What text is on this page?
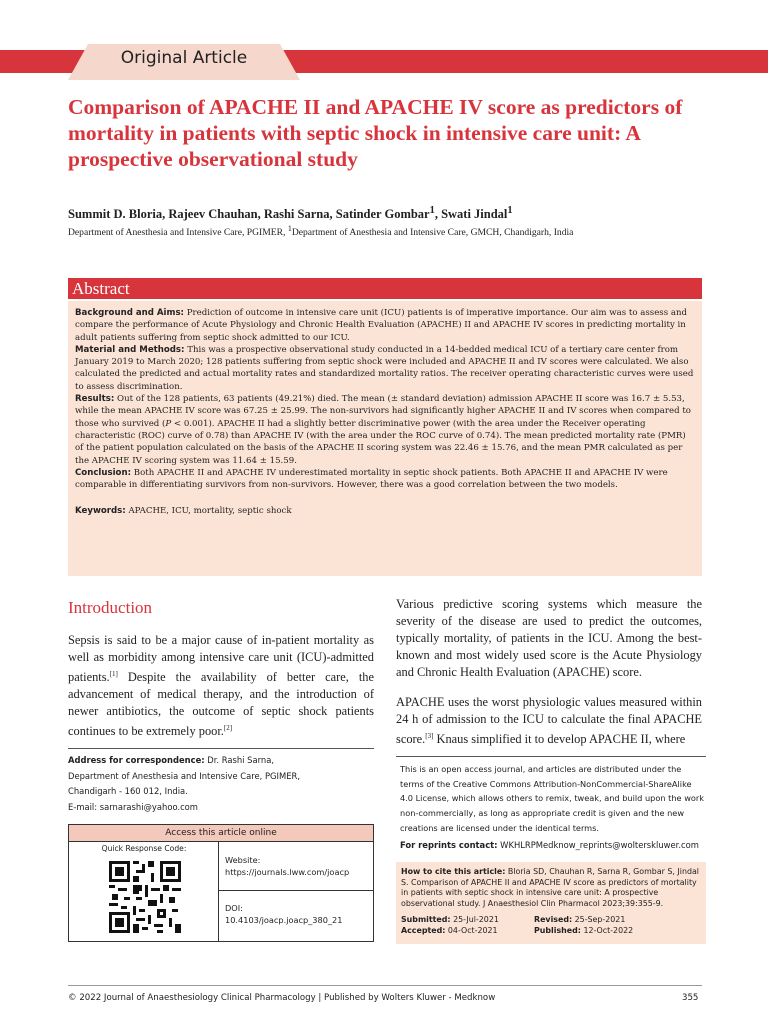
Original Article
Comparison of APACHE II and APACHE IV score as predictors of mortality in patients with septic shock in intensive care unit: A prospective observational study
Summit D. Bloria, Rajeev Chauhan, Rashi Sarna, Satinder Gombar$^1$, Swati Jindal$^1$
Department of Anesthesia and Intensive Care, PGIMER, $^1$Department of Anesthesia and Intensive Care, GMCH, Chandigarh, India
Abstract

Background and Aims: Prediction of outcome in intensive care unit (ICU) patients is of imperative importance. Our aim was to assess and compare the performance of Acute Physiology and Chronic Health Evaluation (APACHE) II and APACHE IV scores in predicting mortality in adult patients suffering from septic shock admitted to our ICU.

Material and Methods: This was a prospective observational study conducted in a 14-bedded medical ICU of a tertiary care center from January 2019 to March 2020; 128 patients suffering from septic shock were included and APACHE II and IV scores were calculated. We also calculated the predicted and actual mortality rates and standardized mortality ratios. The receiver operating characteristic curves were used to assess discrimination.

Results: Out of the 128 patients, 63 patients (49.21%) died. The mean (± standard deviation) admission APACHE II score was 16.7 ± 5.53, while the mean APACHE IV score was 67.25 ± 25.99. The non-survivors had significantly higher APACHE II and IV scores when compared to those who survived (P < 0.001). APACHE II had a slightly better discriminative power (with the area under the Receiver operating characteristic (ROC) curve of 0.78) than APACHE IV (with the area under the ROC curve of 0.74). The mean predicted mortality rate (PMR) of the patient population calculated on the basis of the APACHE II scoring system was 22.46 ± 15.76, and the mean PMR calculated as per the APACHE IV scoring system was 11.64 ± 15.59.

Conclusion: Both APACHE II and APACHE IV underestimated mortality in septic shock patients. Both APACHE II and APACHE IV were comparable in differentiating survivors from non-survivors. However, there was a good correlation between the two models.

Keywords: APACHE, ICU, mortality, septic shock

Introduction
Sepsis is said to be a major cause of in-patient mortality as well as morbidity among intensive care unit (ICU)-admitted patients.[1] Despite the availability of better care, the advancement of medical therapy, and the introduction of newer antibiotics, the outcome of septic shock patients continues to be extremely poor.[2]
Various predictive scoring systems which measure the severity of the disease are used to predict the outcomes, typically mortality, of patients in the ICU. Among the best-known and most widely used score is the Acute Physiology and Chronic Health Evaluation (APACHE) score.
APACHE uses the worst physiologic values measured within 24 h of admission to the ICU to calculate the final APACHE score.[3] Knaus simplified it to develop APACHE II, where
Address for correspondence: Dr. Rashi Sarna,
Department of Anesthesia and Intensive Care, PGIMER,
Chandigarh - 160 012, India.
E-mail: sarnarashi@yahoo.com
This is an open access journal, and articles are distributed under the terms of the Creative Commons Attribution-NonCommercial-ShareAlike 4.0 License, which allows others to remix, tweak, and build upon the work non-commercially, as long as appropriate credit is given and the new creations are licensed under the identical terms.
For reprints contact: WKHLRPMedknow_reprints@wolterskluwer.com
Access this article online
Quick Response Code:
Website:
https://journals.lww.com/joacp
DOI:
10.4103/joacp.joacp_380_21
How to cite this article: Bloria SD, Chauhan R, Sarna R, Gombar S, Jindal S. Comparison of APACHE II and APACHE IV score as predictors of mortality in patients with septic shock in intensive care unit: A prospective observational study. J Anaesthesiol Clin Pharmacol 2023;39:355-9.
Submitted: 25-Jul-2021	Revised: 25-Sep-2021
Accepted: 04-Oct-2021	Published: 12-Oct-2022
© 2022 Journal of Anaesthesiology Clinical Pharmacology | Published by Wolters Kluwer - Medknow	355
